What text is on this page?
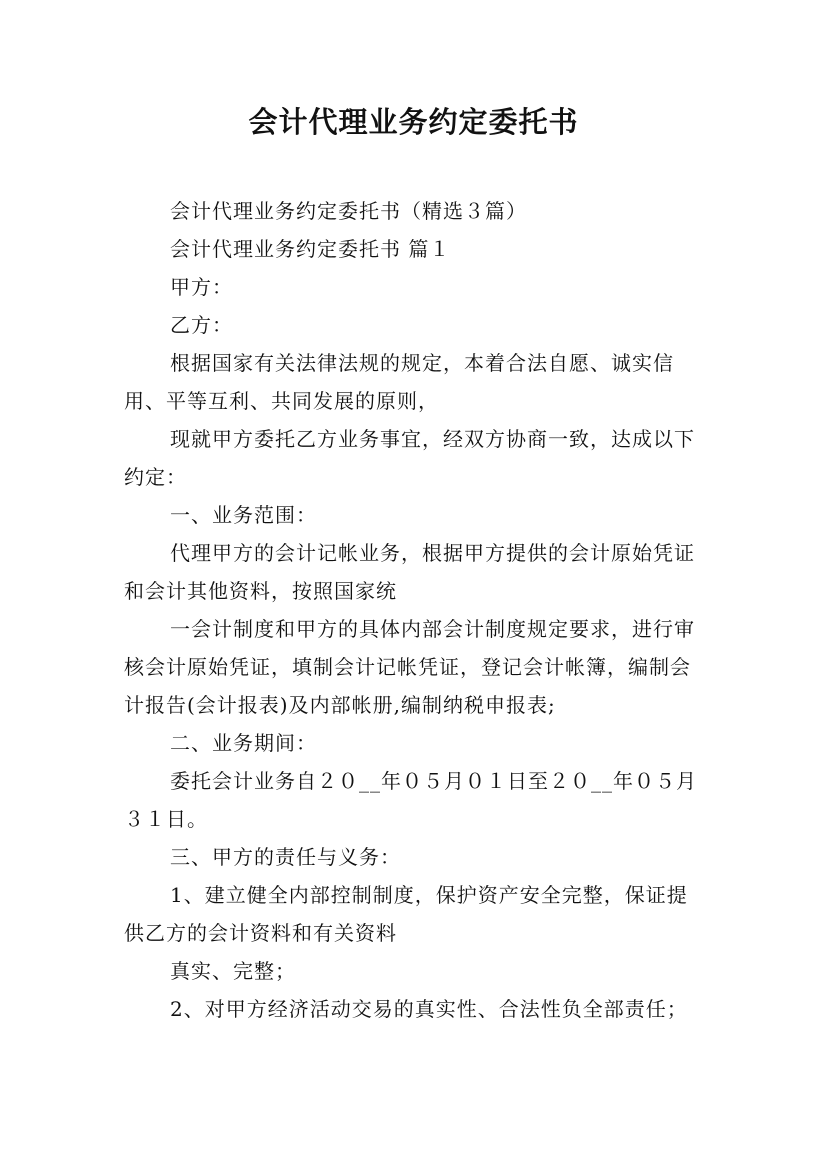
会计代理业务约定委托书

会计代理业务约定委托书（精选３篇）

会计代理业务约定委托书 篇１

甲方：

乙方：

根据国家有关法律法规的规定，本着合法自愿、诚实信用、平等互利、共同发展的原则，

现就甲方委托乙方业务事宜，经双方协商一致，达成以下约定：

一、业务范围：

代理甲方的会计记帐业务，根据甲方提供的会计原始凭证和会计其他资料，按照国家统

一会计制度和甲方的具体内部会计制度规定要求，进行审核会计原始凭证，填制会计记帐凭证，登记会计帐簿，编制会计报告(会计报表)及内部帐册,编制纳税申报表;

二、业务期间：

委托会计业务自２０__年０５月０１日至２０__年０５月３１日。

三、甲方的责任与义务：

1、建立健全内部控制制度，保护资产安全完整，保证提供乙方的会计资料和有关资料

真实、完整；

2、对甲方经济活动交易的真实性、合法性负全部责任；
